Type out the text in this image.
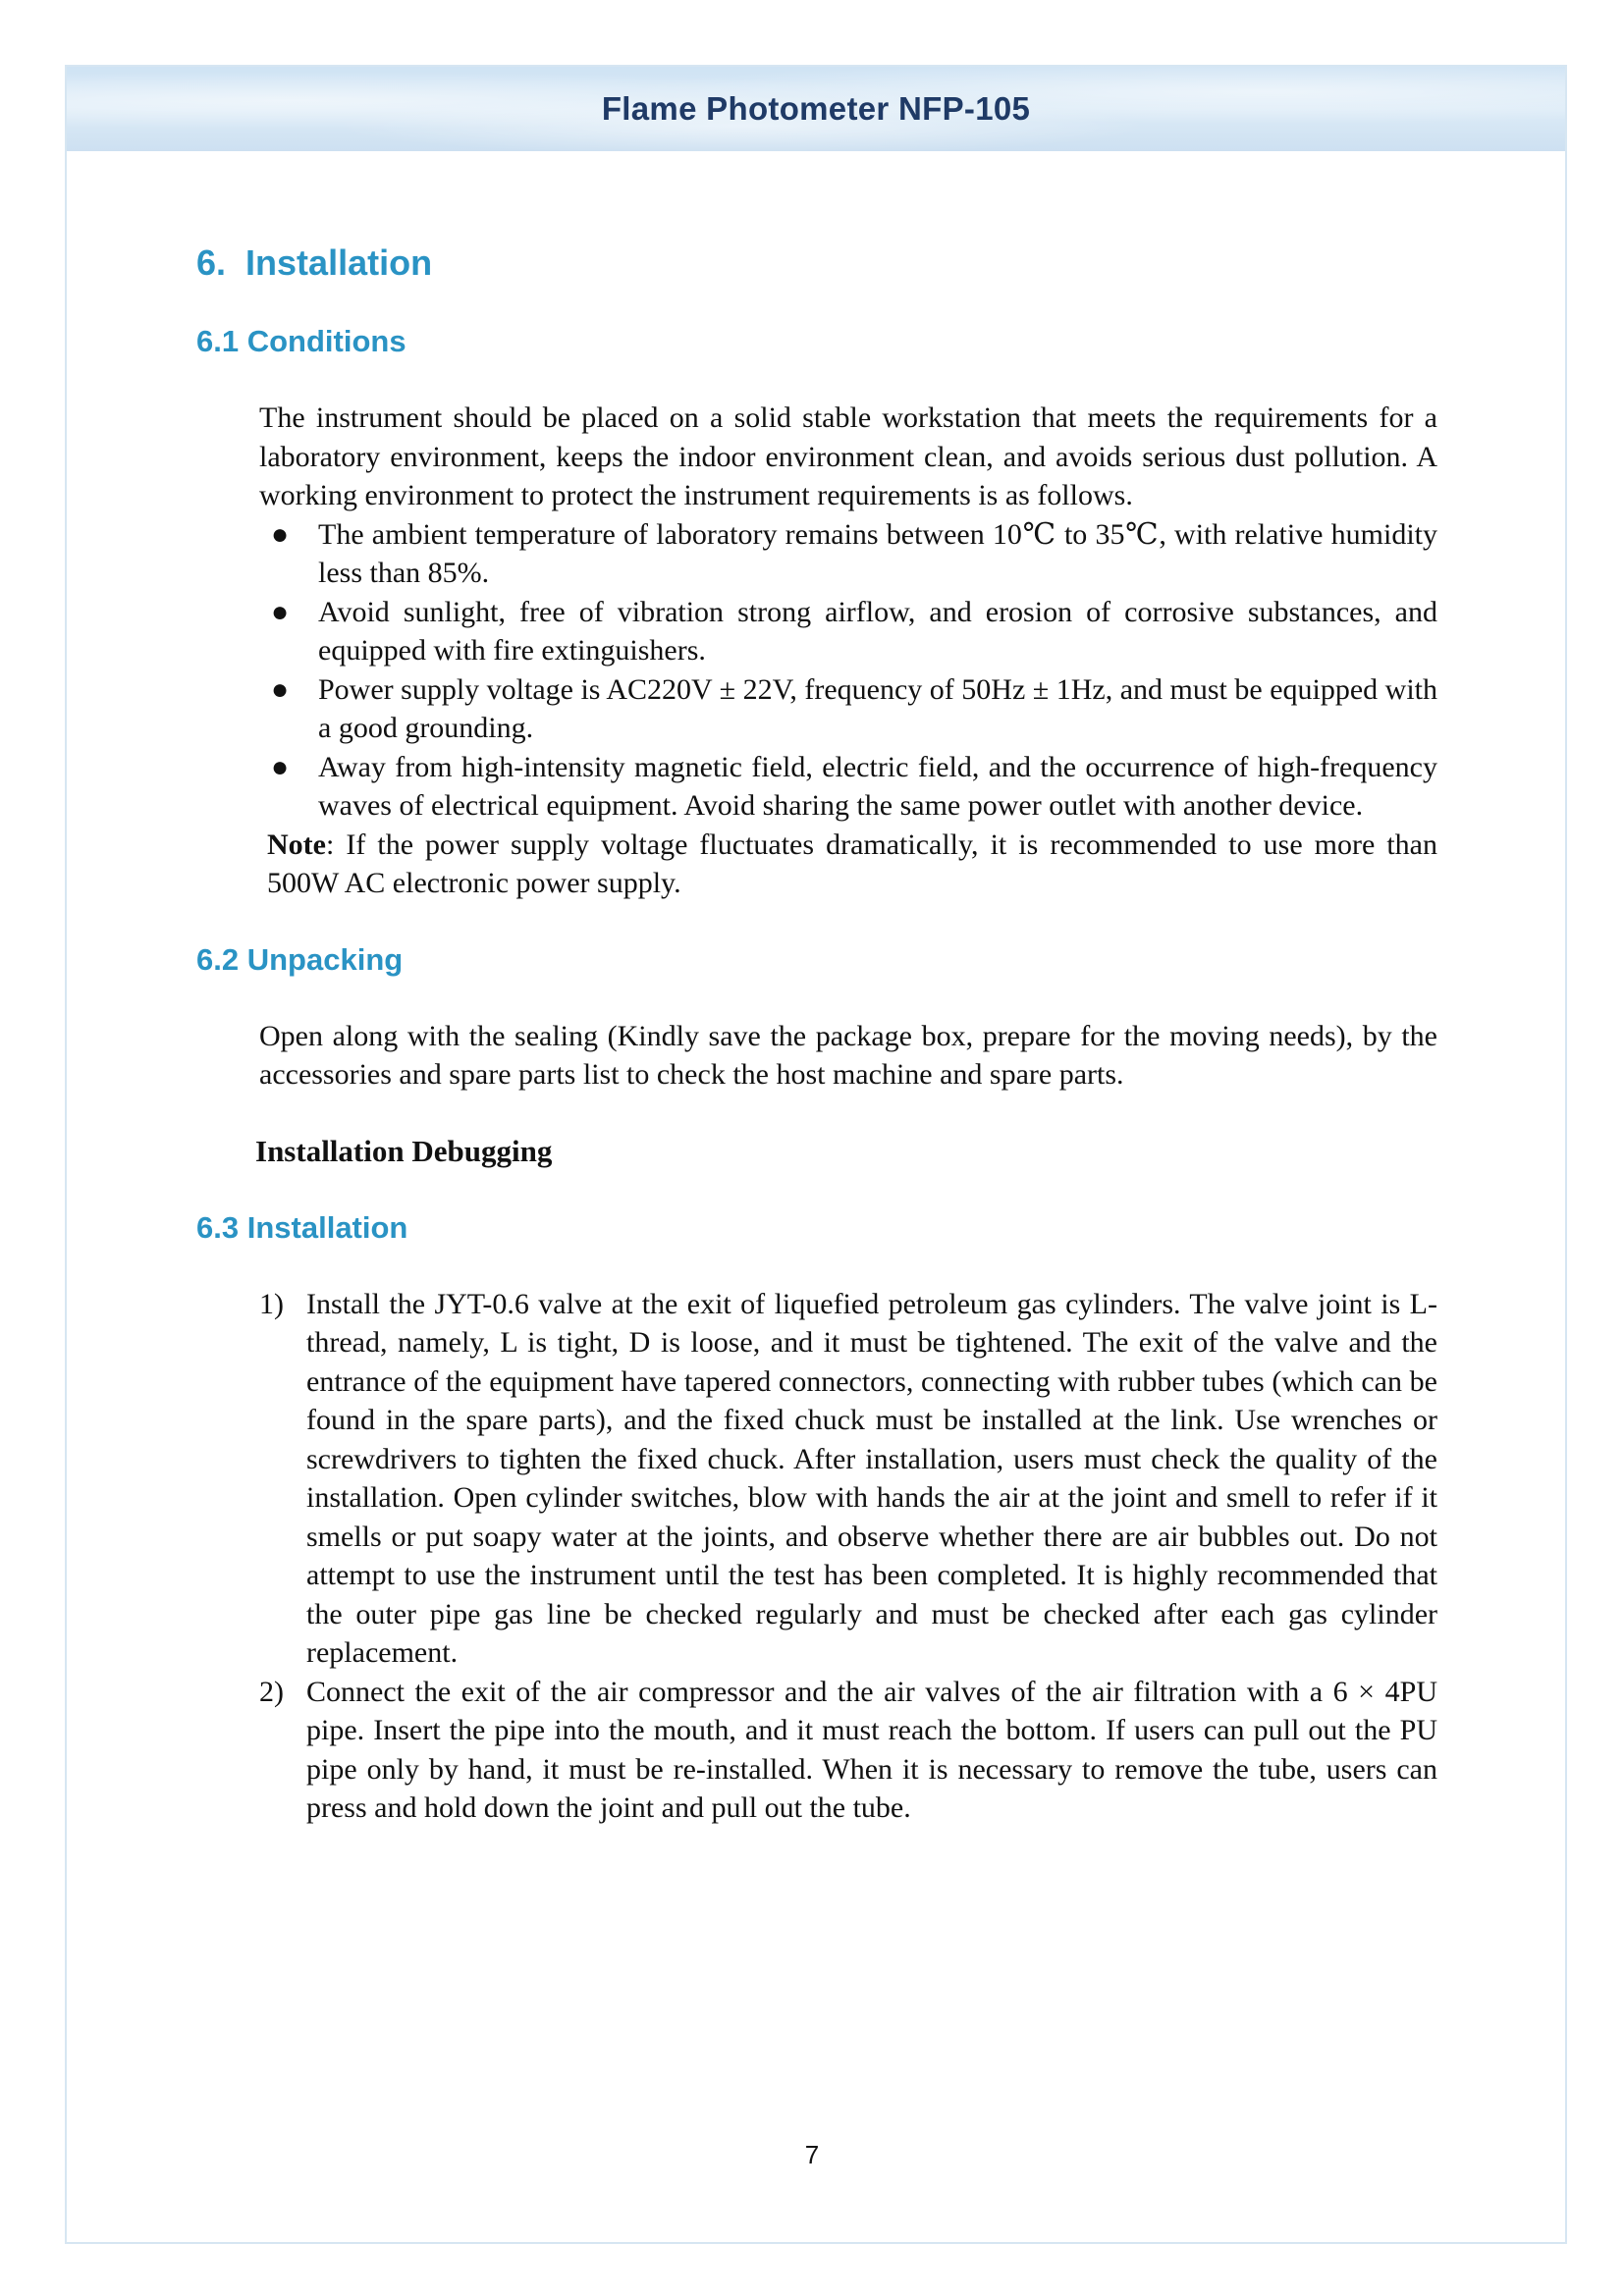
Flame Photometer NFP-105
6. Installation
6.1 Conditions

The instrument should be placed on a solid stable workstation that meets the requirements for a laboratory environment, keeps the indoor environment clean, and avoids serious dust pollution. A working environment to protect the instrument requirements is as follows.

● The ambient temperature of laboratory remains between 10℃ to 35℃, with relative humidity less than 85%.
● Avoid sunlight, free of vibration strong airflow, and erosion of corrosive substances, and equipped with fire extinguishers.
● Power supply voltage is AC220V ± 22V, frequency of 50Hz ± 1Hz, and must be equipped with a good grounding.
● Away from high-intensity magnetic field, electric field, and the occurrence of high-frequency waves of electrical equipment. Avoid sharing the same power outlet with another device.

Note: If the power supply voltage fluctuates dramatically, it is recommended to use more than 500W AC electronic power supply.

6.2 Unpacking

Open along with the sealing (Kindly save the package box, prepare for the moving needs), by the accessories and spare parts list to check the host machine and spare parts.

Installation Debugging
6.3 Installation
1) Install the JYT-0.6 valve at the exit of liquefied petroleum gas cylinders. The valve joint is L-thread, namely, L is tight, D is loose, and it must be tightened. The exit of the valve and the entrance of the equipment have tapered connectors, connecting with rubber tubes (which can be found in the spare parts), and the fixed chuck must be installed at the link. Use wrenches or screwdrivers to tighten the fixed chuck. After installation, users must check the quality of the installation. Open cylinder switches, blow with hands the air at the joint and smell to refer if it smells or put soapy water at the joints, and observe whether there are air bubbles out. Do not attempt to use the instrument until the test has been completed. It is highly recommended that the outer pipe gas line be checked regularly and must be checked after each gas cylinder replacement.
2) Connect the exit of the air compressor and the air valves of the air filtration with a 6 × 4PU pipe. Insert the pipe into the mouth, and it must reach the bottom. If users can pull out the PU pipe only by hand, it must be re-installed. When it is necessary to remove the tube, users can press and hold down the joint and pull out the tube.
7
